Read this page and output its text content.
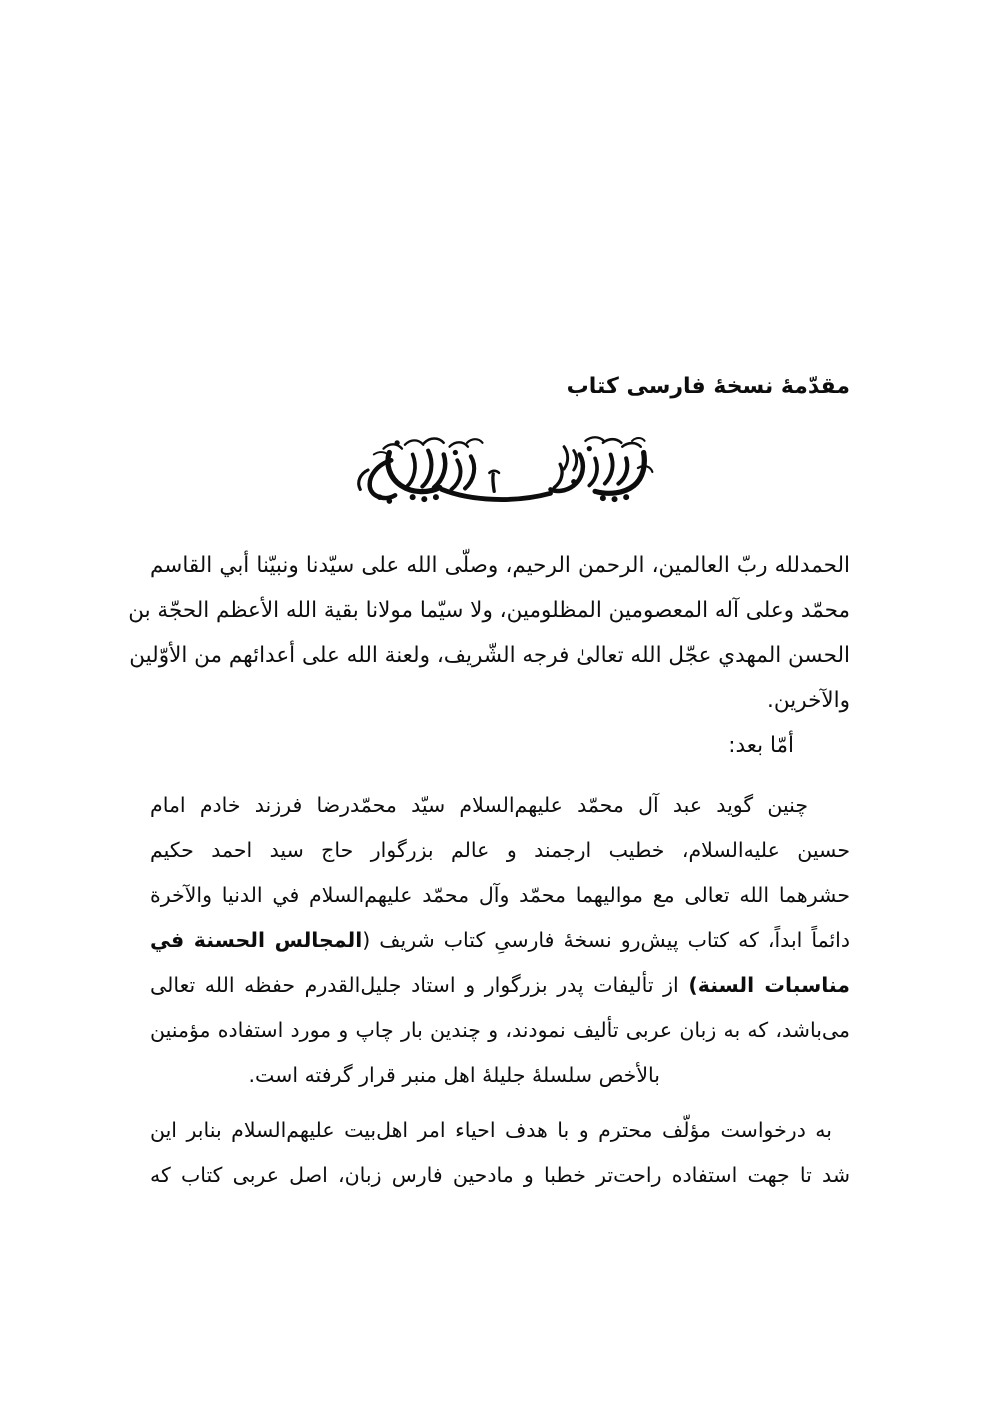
مقدّمهٔ نسخهٔ فارسی کتاب
الحمدلله ربّ العالمين، الرحمن الرحيم، وصلّى الله على سيّدنا ونبيّنا أبي القاسم
محمّد وعلى آله المعصومين المظلومين، ولا سيّما مولانا بقية الله الأعظم الحجّة بن
الحسن المهدي عجّل الله تعالىٰ فرجه الشّريف، ولعنة الله على أعدائهم من الأوّلين
والآخرين.
أمّا بعد:
چنين گويد عبد آل محمّد عليهم‌السلام سيّد محمّدرضا فرزند خادم امام
حسين عليه‌السلام، خطيب ارجمند و عالم بزرگوار حاج سيد احمد حكيم
حشرهما الله تعالى مع مواليهما محمّد وآل محمّد عليهم‌السلام في الدنيا والآخرة
دائماً ابداً، كه كتاب پيش‌رو نسخهٔ فارسیِ كتاب شريف (المجالس الحسنة في
مناسبات السنة) از تأليفات پدر بزرگوار و استاد جليل‌القدرم حفظه الله تعالى
می‌باشد، كه به زبان عربی تأليف نمودند، و چندين بار چاپ و مورد استفاده مؤمنين
بالأخص سلسلهٔ جليلهٔ اهل منبر قرار گرفته است.
به درخواست مؤلّف محترم و با هدف احياء امر اهل‌بيت عليهم‌السلام بنابر اين
شد تا جهت استفاده راحت‌تر خطبا و مادحين فارس زبان، اصل عربی كتاب كه
